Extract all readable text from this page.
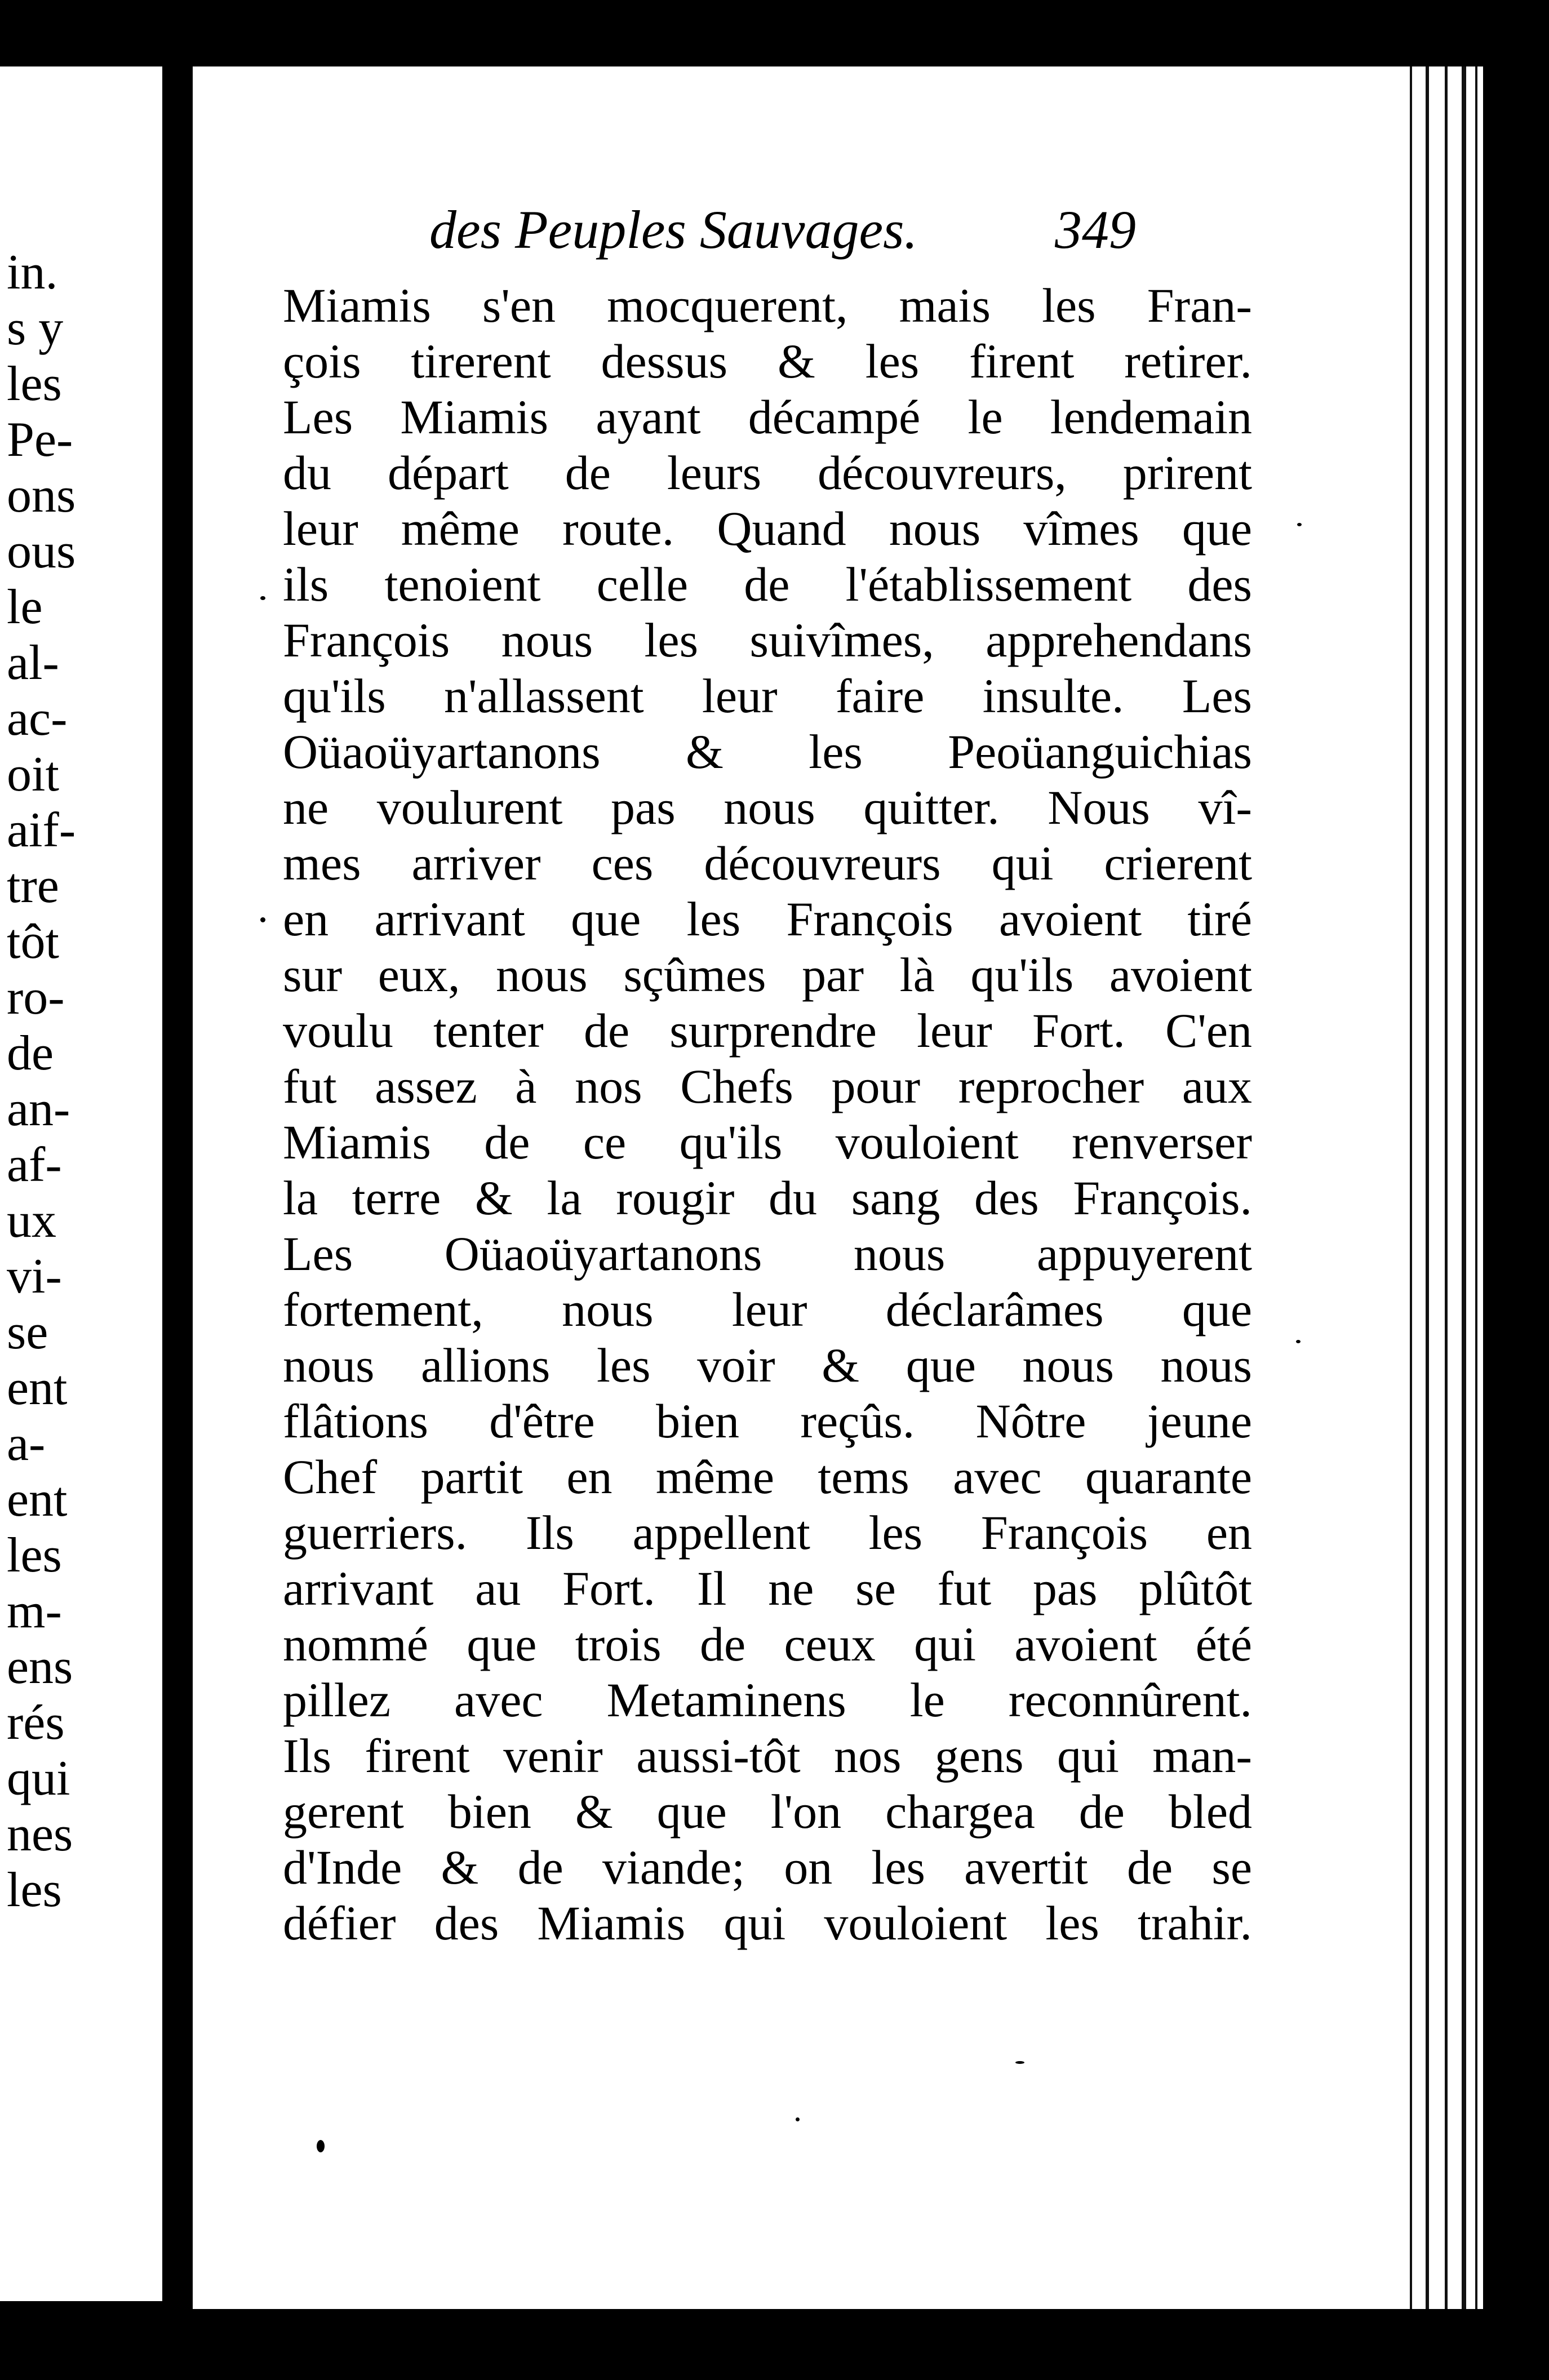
in.
s y
les
Pe-
ons
ous
le
al-
ac-
oit
aif-
tre
tôt
ro-
de
an-
af-
ux
vi-
se
ent
a-
ent
les
m-
ens
rés
qui
nes
les
des Peuples Sauvages.	349
Miamis s'en mocquerent, mais les Fran-
çois tirerent dessus & les firent retirer.
Les Miamis ayant décampé le lendemain
du départ de leurs découvreurs, prirent
leur même route. Quand nous vîmes que
ils tenoient celle de l'établissement des
François nous les suivîmes, apprehendans
qu'ils n'allassent leur faire insulte. Les
Oüaoüyartanons & les Peoüanguichias
ne voulurent pas nous quitter. Nous vî-
mes arriver ces découvreurs qui crierent
en arrivant que les François avoient tiré
sur eux, nous sçûmes par là qu'ils avoient
voulu tenter de surprendre leur Fort. C'en
fut assez à nos Chefs pour reprocher aux
Miamis de ce qu'ils vouloient renverser
la terre & la rougir du sang des François.
Les Oüaoüyartanons nous appuyerent
fortement, nous leur déclarâmes que
nous allions les voir & que nous nous
flâtions d'être bien reçûs. Nôtre jeune
Chef partit en même tems avec quarante
guerriers. Ils appellent les François en
arrivant au Fort. Il ne se fut pas plûtôt
nommé que trois de ceux qui avoient été
pillez avec Metaminens le reconnûrent.
Ils firent venir aussi-tôt nos gens qui man-
gerent bien & que l'on chargea de bled
d'Inde & de viande; on les avertit de se
défier des Miamis qui vouloient les trahir.
